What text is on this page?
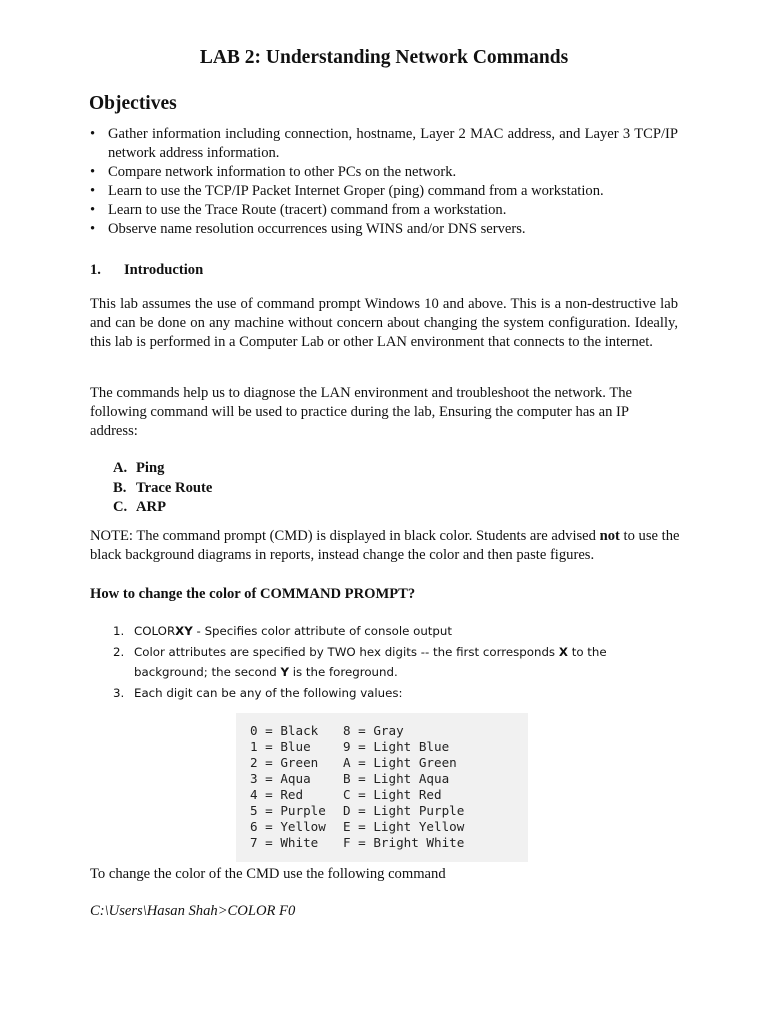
LAB 2: Understanding Network Commands
Objectives
• Gather information including connection, hostname, Layer 2 MAC address, and Layer 3 TCP/IP network address information.
• Compare network information to other PCs on the network.
• Learn to use the TCP/IP Packet Internet Groper (ping) command from a workstation.
• Learn to use the Trace Route (tracert) command from a workstation.
• Observe name resolution occurrences using WINS and/or DNS servers.
1. Introduction
This lab assumes the use of command prompt Windows 10 and above. This is a non-destructive lab and can be done on any machine without concern about changing the system configuration. Ideally, this lab is performed in a Computer Lab or other LAN environment that connects to the internet.
The commands help us to diagnose the LAN environment and troubleshoot the network. The following command will be used to practice during the lab, Ensuring the computer has an IP address:
A. Ping
B. Trace Route
C. ARP
NOTE: The command prompt (CMD) is displayed in black color. Students are advised not to use the black background diagrams in reports, instead change the color and then paste figures.
How to change the color of COMMAND PROMPT?
1. COLORXY - Specifies color attribute of console output
2. Color attributes are specified by TWO hex digits -- the first corresponds X to the background; the second Y is the foreground.
3. Each digit can be any of the following values:
0 = Black
1 = Blue
2 = Green
3 = Aqua
4 = Red
5 = Purple
6 = Yellow
7 = White
8 = Gray
9 = Light Blue
A = Light Green
B = Light Aqua
C = Light Red
D = Light Purple
E = Light Yellow
F = Bright White
To change the color of the CMD use the following command
C:\Users\Hasan Shah>COLOR F0
